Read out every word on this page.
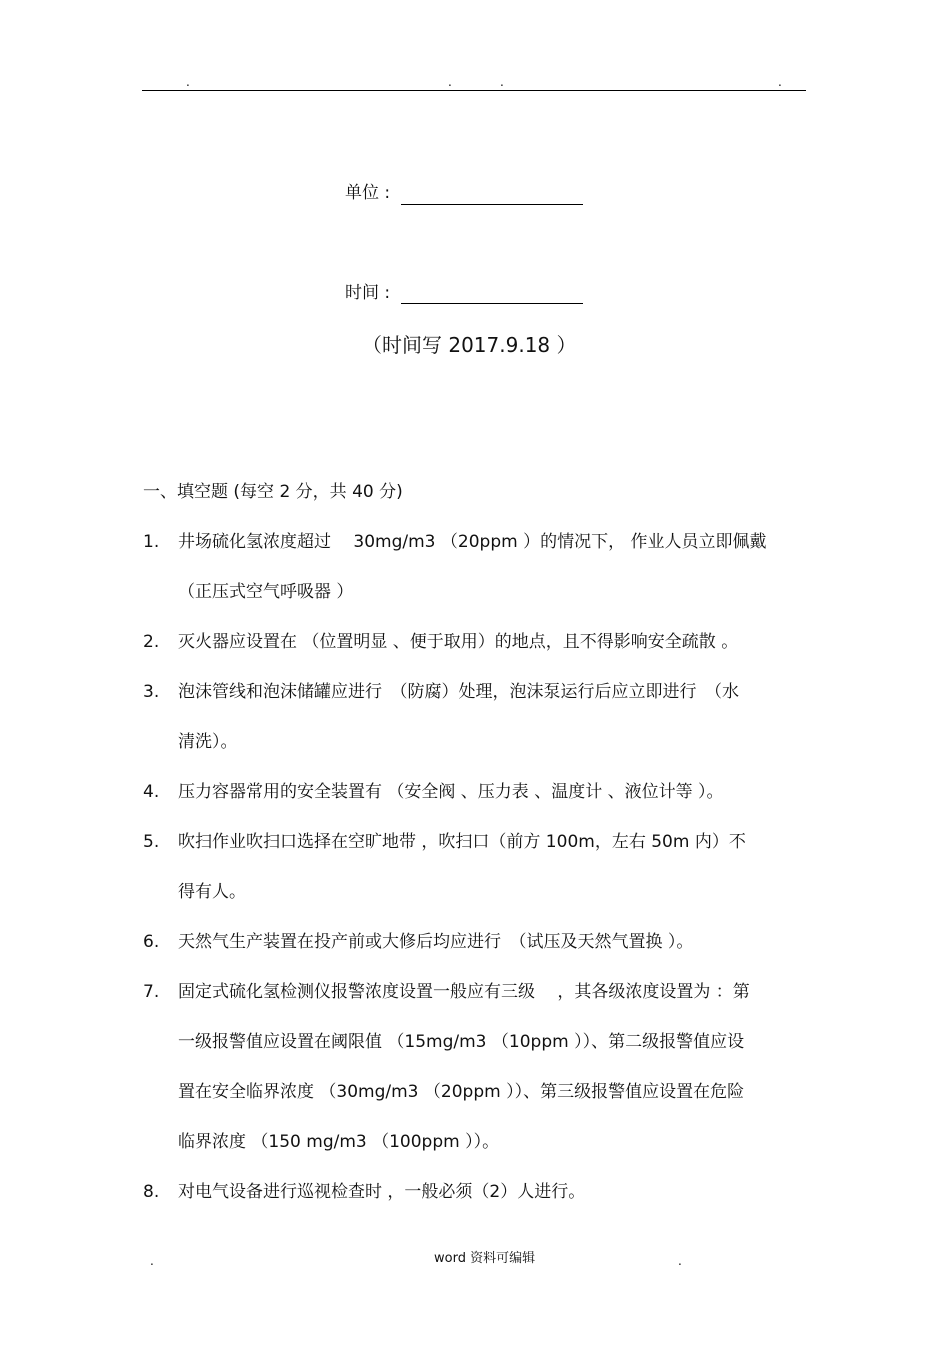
.	.	.	.
单位 :
时间 :
（时间写 2017.9.18 ）
一、填空题 (每空 2 分，共 40 分)
1.	井场硫化氢浓度超过　 30mg/m3 （20ppm ）的情况下， 作业人员立即佩戴
（正压式空气呼吸器 ）
2.	灭火器应设置在 （位置明显 、便于取用）的地点，且不得影响安全疏散 。
3.	泡沫管线和泡沫储罐应进行　（防腐）处理，泡沫泵运行后应立即进行　（水
清洗）。
4.	压力容器常用的安全装置有 （安全阀 、压力表 、温度计 、液位计等 ）。
5.	吹扫作业吹扫口选择在空旷地带 ，吹扫口（前方 100m，左右 50m 内）不
得有人。
6.	天然气生产装置在投产前或大修后均应进行　（试压及天然气置换 ）。
7.	固定式硫化氢检测仪报警浓度设置一般应有三级　 ，其各级浓度设置为 ：第
一级报警值应设置在阈限值 （15mg/m3 （10ppm ））、第二级报警值应设
置在安全临界浓度 （30mg/m3 （20ppm ））、第三级报警值应设置在危险
临界浓度 （150 mg/m3 （100ppm ））。
8.	对电气设备进行巡视检查时 ，一般必须（2）人进行。
.	word 资料可编辑	.
